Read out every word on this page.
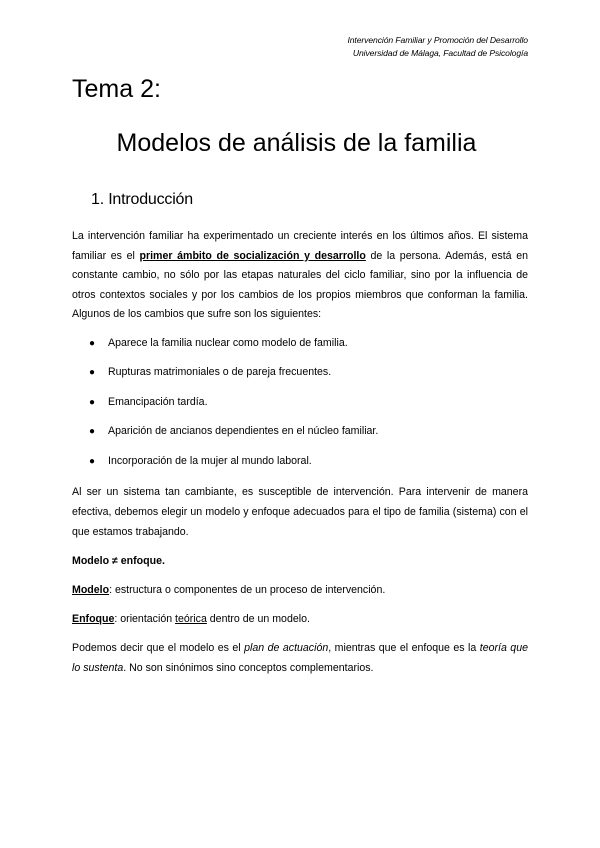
Intervención Familiar y Promoción del Desarrollo
Universidad de Málaga, Facultad de Psicología
Tema 2:
Modelos de análisis de la familia
1. Introducción

La intervención familiar ha experimentado un creciente interés en los últimos años. El sistema familiar es el primer ámbito de socialización y desarrollo de la persona. Además, está en constante cambio, no sólo por las etapas naturales del ciclo familiar, sino por la influencia de otros contextos sociales y por los cambios de los propios miembros que conforman la familia. Algunos de los cambios que sufre son los siguientes:

● Aparece la familia nuclear como modelo de familia.
● Rupturas matrimoniales o de pareja frecuentes.
● Emancipación tardía.
● Aparición de ancianos dependientes en el núcleo familiar.
● Incorporación de la mujer al mundo laboral.

Al ser un sistema tan cambiante, es susceptible de intervención. Para intervenir de manera efectiva, debemos elegir un modelo y enfoque adecuados para el tipo de familia (sistema) con el que estamos trabajando.

Modelo ≠ enfoque.

Modelo: estructura o componentes de un proceso de intervención.

Enfoque: orientación teórica dentro de un modelo.

Podemos decir que el modelo es el plan de actuación, mientras que el enfoque es la teoría que lo sustenta. No son sinónimos sino conceptos complementarios.
